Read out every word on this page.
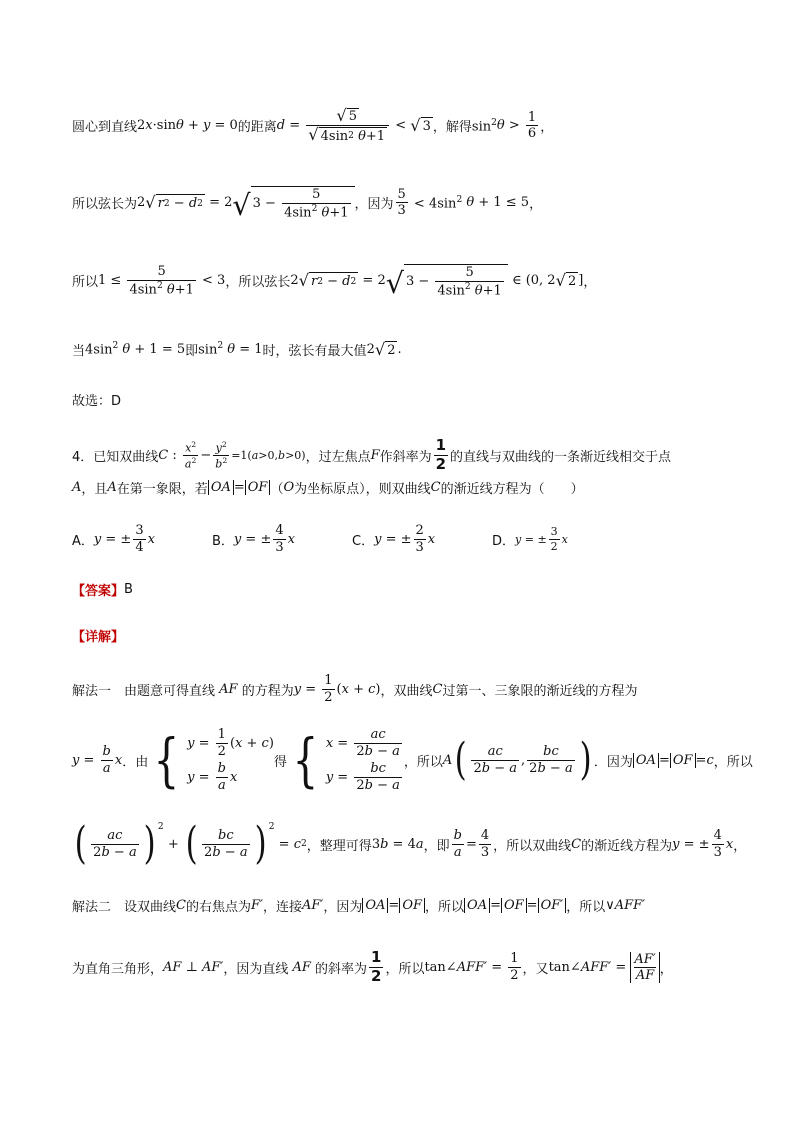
圆心到直线 2 x ·sin θ + y = 0 的距离 $d = \frac{√ 5}{√ 4\sin 2 \theta +1}$ < √ 3 ，解得 $\sin^2 \theta > \frac{1}{6}$ ，
所以弦长为 2 √ r 2 − d 2 = 2 √ $3 - \frac{5}{4\sin^2 \theta+1}$ ，因为 $\frac{5}{3} < 4\sin^2$ θ + 1 ≤ 5 ，
所以 $1 \le \frac{5}{4\sin^2 \theta+1} < 3$ ，所以弦长 2 √ r 2 − d 2 = 2 √ $3 - \frac{5}{4\sin^2 \theta+1}$ ∈ (0, 2 √ 2 ] ，
当 $4\sin^2$ θ + 1 = 5 即 $\sin^2 \theta = 1$ 时，弦长有最大值 2 √ 2 .
故选：D
4．已知双曲线 C : $\frac{x^2}{a^2} - \frac{y^2}{b^2} =1$( a >0, b >0) ，过左焦点 F 作斜率为 $\frac{1}{2}$ 的直线与双曲线的一条渐近线相交于点
A ，且 A 在第一象限，若 OA = OF （ O 为坐标原点），则双曲线 C 的渐近线方程为（　　）
A． y = ± $\frac{3}{4}$ x	B． y = ± $\frac{4}{3}$ x	C． y = ± $\frac{2}{3}$ x	D． y = ± $\frac{3}{2}$ x
【答案】 B
【详解】
解法一　由题意可得直线 AF 的方程为 $y = \frac{1}{2}$ ( x + c ) ，双曲线 C 过第一、三象限的渐近线的方程为
$y = \frac{b}{a}$ x ．由 { $y = \frac{1}{2}$ ( x + c )
$y = \frac{b}{a}$ x
得 { $x = \frac{ac}{2b - a}$
$y = \frac{bc}{2b - a}$ ，所以 A ( $\frac{ac}{2b - a}$ , $\frac{bc}{2b - a}$ ) ．因为 OA = OF = c ，所以
( $\frac{ac}{2b - a}$ ) 2
+ ( $\frac{bc}{2b - a}$ ) 2
= c 2 ，整理可得 3 b = 4 a ，即 $\frac{b}{a} = \frac{4}{3}$ ，所以双曲线 C 的渐近线方程为 y = ± $\frac{4}{3}$ x ，
解法二　设双曲线 C 的右焦点为 F′ ，连接 AF′ ，因为 OA = OF ，所以 OA = OF = OF′ ，所以 ∨ AFF′
为直角三角形， AF ⊥ AF′ ，因为直线 AF 的斜率为 $\frac{1}{2}$ ，所以 tan∠ $AFF' = \frac{1}{2}$ ，又 tan∠ $AFF' = \frac{AF'}{AF}$ ，
